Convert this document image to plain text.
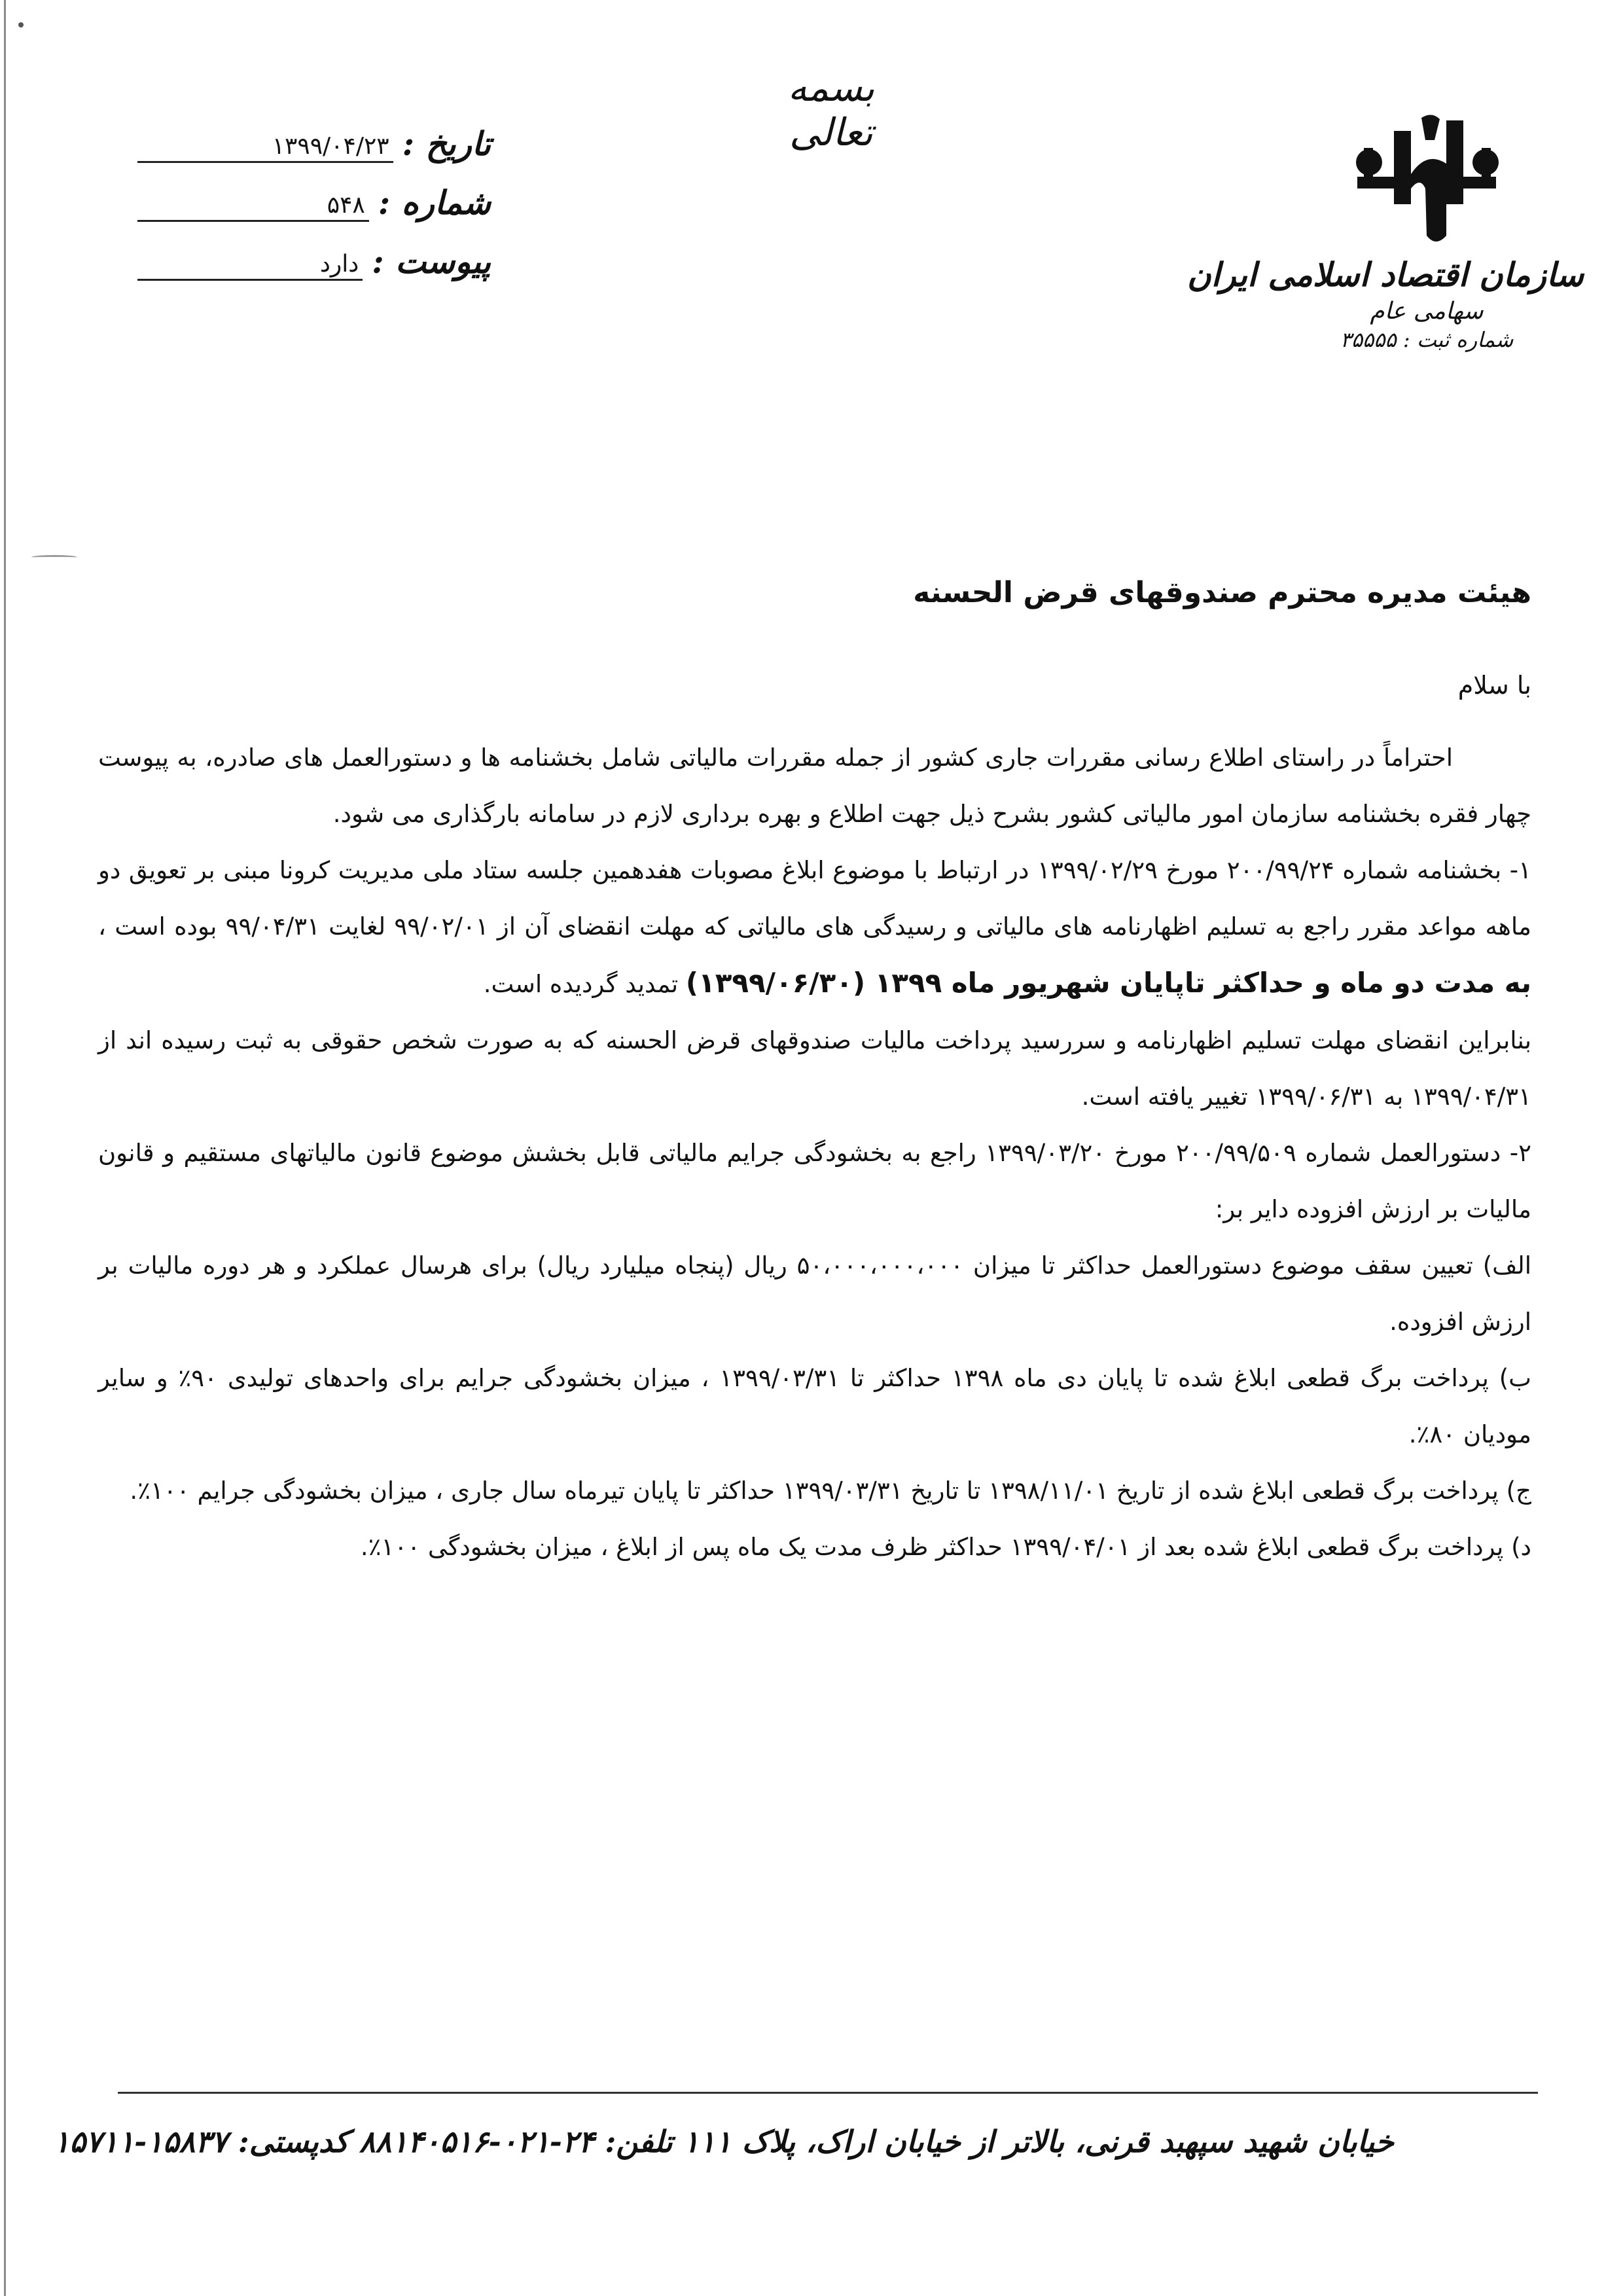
بسمه تعالی
تاریخ :
۱۳۹۹/۰۴/۲۳
شماره :
۵۴۸
پیوست :
دارد	سازمان اقتصاد اسلامی ایران
سهامی عام
شماره ثبت : ۳۵۵۵۵
هیئت مدیره محترم صندوقهای قرض الحسنه
با سلام

احتراماً در راستای اطلاع رسانی مقررات جاری کشور از جمله مقررات مالیاتی شامل بخشنامه ها و دستورالعمل های صادره، به پیوست چهار فقره بخشنامه سازمان امور مالیاتی کشور بشرح ذیل جهت اطلاع و بهره برداری لازم در سامانه بارگذاری می شود.

۱- بخشنامه شماره ۲۰۰/۹۹/۲۴ مورخ ۱۳۹۹/۰۲/۲۹ در ارتباط با موضوع ابلاغ مصوبات هفدهمین جلسه ستاد ملی مدیریت کرونا مبنی بر تعویق دو ماهه مواعد مقرر راجع به تسلیم اظهارنامه های مالیاتی و رسیدگی های مالیاتی که مهلت انقضای آن از ۹۹/۰۲/۰۱ لغایت ۹۹/۰۴/۳۱ بوده است ، به مدت دو ماه و حداکثر تاپایان شهریور ماه ۱۳۹۹ (۱۳۹۹/۰۶/۳۰) تمدید گردیده است.

بنابراین انقضای مهلت تسلیم اظهارنامه و سررسید پرداخت مالیات صندوقهای قرض الحسنه که به صورت شخص حقوقی به ثبت رسیده اند از ۱۳۹۹/۰۴/۳۱ به ۱۳۹۹/۰۶/۳۱ تغییر یافته است.

۲- دستورالعمل شماره ۲۰۰/۹۹/۵۰۹ مورخ ۱۳۹۹/۰۳/۲۰ راجع به بخشودگی جرایم مالیاتی قابل بخشش موضوع قانون مالیاتهای مستقیم و قانون مالیات بر ارزش افزوده دایر بر:

الف) تعیین سقف موضوع دستورالعمل حداکثر تا میزان ۵۰،۰۰۰،۰۰۰،۰۰۰ ریال (پنجاه میلیارد ریال) برای هرسال عملکرد و هر دوره مالیات بر ارزش افزوده.

ب) پرداخت برگ قطعی ابلاغ شده تا پایان دی ماه ۱۳۹۸ حداکثر تا ۱۳۹۹/۰۳/۳۱ ، میزان بخشودگی جرایم برای واحدهای تولیدی ۹۰٪ و سایر مودیان ۸۰٪.

ج) پرداخت برگ قطعی ابلاغ شده از تاریخ ۱۳۹۸/۱۱/۰۱ تا تاریخ ۱۳۹۹/۰۳/۳۱ حداکثر تا پایان تیرماه سال جاری ، میزان بخشودگی جرایم ۱۰۰٪.

د) پرداخت برگ قطعی ابلاغ شده بعد از ۱۳۹۹/۰۴/۰۱ حداکثر ظرف مدت یک ماه پس از ابلاغ ، میزان بخشودگی ۱۰۰٪.

خیابان شهید سپهبد قرنی، بالاتر از خیابان اراک، پلاک ۱۱۱ تلفن: ۲۴-۰۲۱-۸۸۱۴۰۵۱۶ کدپستی: ۱۵۸۳۷-۱۵۷۱۱
